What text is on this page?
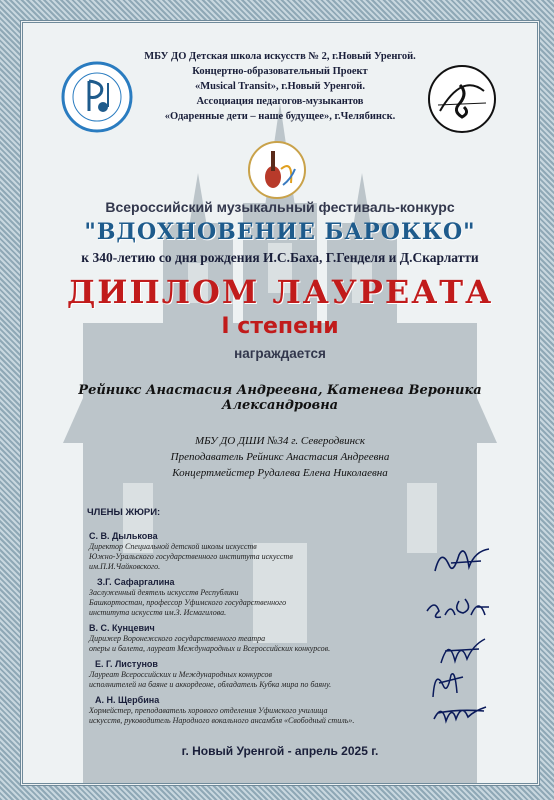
МБУ ДО Детская школа искусств № 2, г.Новый Уренгой.
Концертно-образовательный Проект
«Musical Transit», г.Новый Уренгой.
Ассоциация педагогов-музыкантов
«Одаренные дети – наше будущее», г.Челябинск.
Всероссийский музыкальный фестиваль-конкурс
"ВДОХНОВЕНИЕ БАРОККО"
к 340-летию со дня рождения И.С.Баха, Г.Генделя и Д.Скарлатти
ДИПЛОМ ЛАУРЕАТА
I степени
награждается
Рейникс Анастасия Андреевна, Катенева Вероника Александровна
МБУ ДО ДШИ №34 г. Северодвинск
Преподаватель Рейникс Анастасия Андреевна
Концертмейстер Рудалева Елена Николаевна
ЧЛЕНЫ ЖЮРИ:
С. В. Дылькова
Директор Специальной детской школы искусств
Южно-Уральского государственного института искусств
им.П.И.Чайковского.
З.Г. Сафаргалина
Заслуженный деятель искусств Республики
Башкортостан, профессор Уфимского государственного
института искусств им.З. Исмагилова.
В. С. Кунцевич
Дирижер Воронежского государственного театра
оперы и балета, лауреат Международных и Всероссийских конкурсов.
Е. Г. Листунов
Лауреат Всероссийских и Международных конкурсов
исполнителей на баяне и аккордеоне, обладатель Кубка мира по баяну.
А. Н. Щербина
Хормейстер, преподаватель хорового отделения Уфимского училища
искусств, руководитель Народного вокального ансамбля «Свободный стиль».
г. Новый Уренгой - апрель 2025 г.
